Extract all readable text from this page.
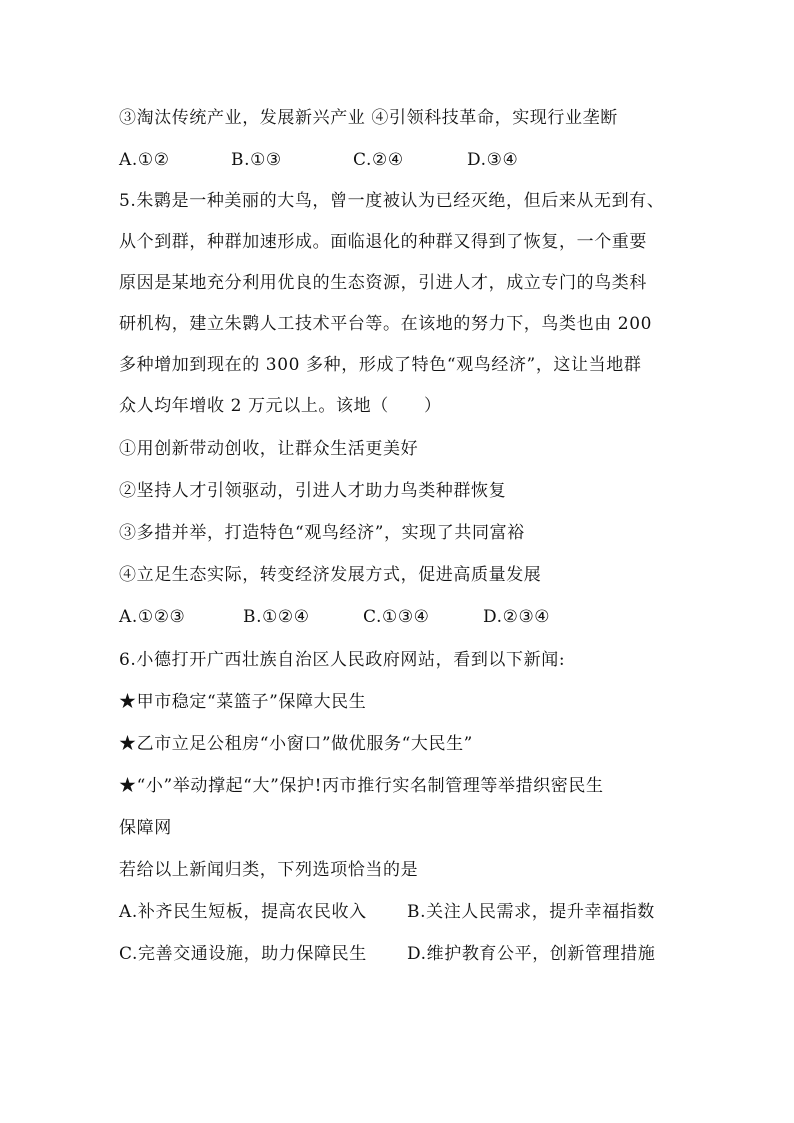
③淘汰传统产业，发展新兴产业 ④引领科技革命，实现行业垄断
A.①②	B.①③	C.②④	D.③④
5.朱鹮是一种美丽的大鸟，曾一度被认为已经灭绝，但后来从无到有、
从个到群，种群加速形成。面临退化的种群又得到了恢复，一个重要
原因是某地充分利用优良的生态资源，引进人才，成立专门的鸟类科
研机构，建立朱鹮人工技术平台等。在该地的努力下，鸟类也由 200
多种增加到现在的 300 多种，形成了特色“观鸟经济”，这让当地群
众人均年增收 2 万元以上。该地（　　）
①用创新带动创收，让群众生活更美好
②坚持人才引领驱动，引进人才助力鸟类种群恢复
③多措并举，打造特色“观鸟经济”，实现了共同富裕
④立足生态实际，转变经济发展方式，促进高质量发展
A.①②③	B.①②④	C.①③④	D.②③④
6.小德打开广西壮族自治区人民政府网站，看到以下新闻:
★甲市稳定“菜篮子”保障大民生
★乙市立足公租房“小窗口”做优服务“大民生”
★“小”举动撑起“大”保护!丙市推行实名制管理等举措织密民生
保障网
若给以上新闻归类，下列选项恰当的是
A.补齐民生短板，提高农民收入 B.关注人民需求，提升幸福指数
C.完善交通设施，助力保障民生 D.维护教育公平，创新管理措施
